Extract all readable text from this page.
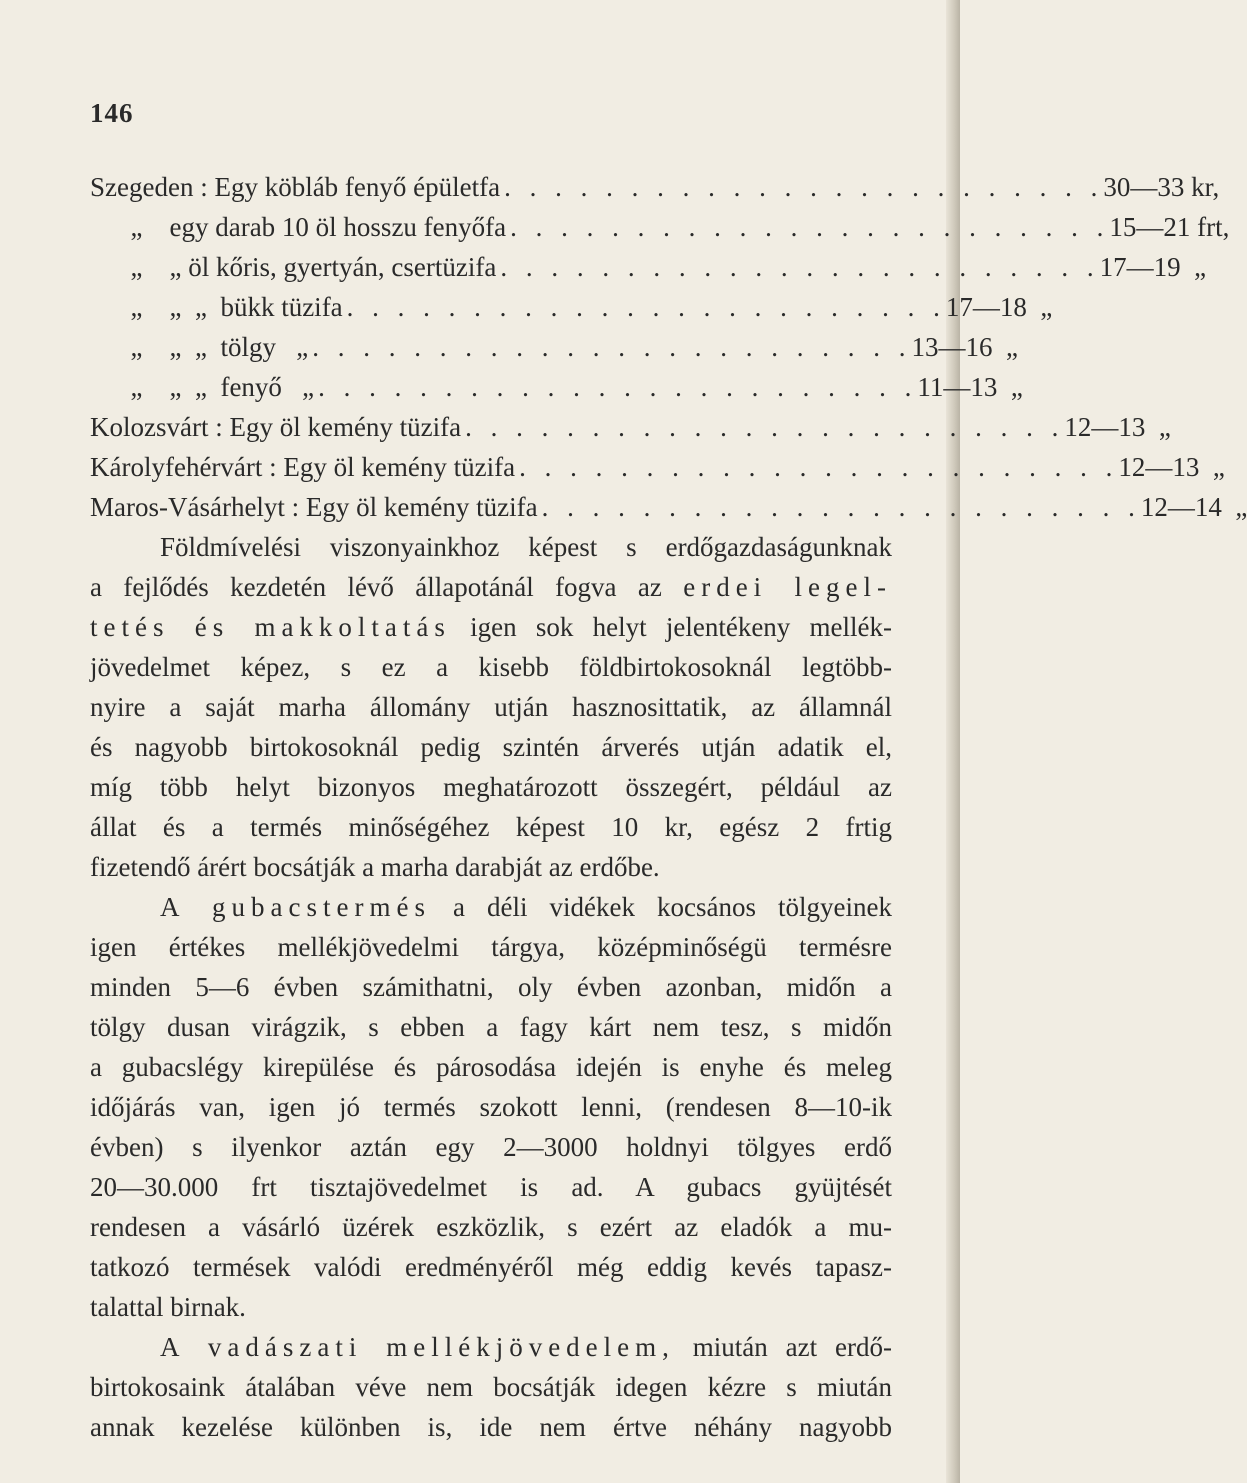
146
Szegeden : Egy köbláb fenyő épületfa . . . . . . . . . . . . . . . . . . . . . . . . 30—33 kr,
„    egy darab 10 öl hosszu fenyőfa . . . . . . . . . . . . . . . . . . . . . . . . 15—21 frt,
„    „ öl kőris, gyertyán, csertüzifa . . . . . . . . . . . . . . . . . . . . . . . . 17—19  „
„    „  „  bükk tüzifa . . . . . . . . . . . . . . . . . . . . . . . . 17—18  „
„    „  „  tölgy   „ . . . . . . . . . . . . . . . . . . . . . . . . 13—16  „
„    „  „  fenyő   „ . . . . . . . . . . . . . . . . . . . . . . . . 11—13  „
Kolozsvárt : Egy öl kemény tüzifa . . . . . . . . . . . . . . . . . . . . . . . . 12—13  „
Károlyfehérvárt : Egy öl kemény tüzifa . . . . . . . . . . . . . . . . . . . . . . . . 12—13  „
Maros-Vásárhelyt : Egy öl kemény tüzifa . . . . . . . . . . . . . . . . . . . . . . . . 12—14  „
Földmívelési viszonyainkhoz képest s erdőgazdaságunknak
a fejlődés kezdetén lévő állapotánál fogva az erdei legel-
tetés és makkoltatás igen sok helyt jelentékeny mellék-
jövedelmet képez, s ez a kisebb földbirtokosoknál legtöbb-
nyire a saját marha állomány utján hasznosittatik, az államnál
és nagyobb birtokosoknál pedig szintén árverés utján adatik el,
míg több helyt bizonyos meghatározott összegért, például az
állat és a termés minőségéhez képest 10 kr, egész 2 frtig
fizetendő árért bocsátják a marha darabját az erdőbe.
A gubacstermés a déli vidékek kocsános tölgyeinek
igen értékes mellékjövedelmi tárgya, középminőségü termésre
minden 5—6 évben számithatni, oly évben azonban, midőn a
tölgy dusan virágzik, s ebben a fagy kárt nem tesz, s midőn
a gubacslégy kirepülése és párosodása idején is enyhe és meleg
időjárás van, igen jó termés szokott lenni, (rendesen 8—10-ik
évben) s ilyenkor aztán egy 2—3000 holdnyi tölgyes erdő
20—30.000 frt tisztajövedelmet is ad. A gubacs gyüjtését
rendesen a vásárló üzérek eszközlik, s ezért az eladók a mu-
tatkozó termések valódi eredményéről még eddig kevés tapasz-
talattal birnak.
A vadászati mellékjövedelem, miután azt erdő-
birtokosaink átalában véve nem bocsátják idegen kézre s miután
annak kezelése különben is, ide nem értve néhány nagyobb
